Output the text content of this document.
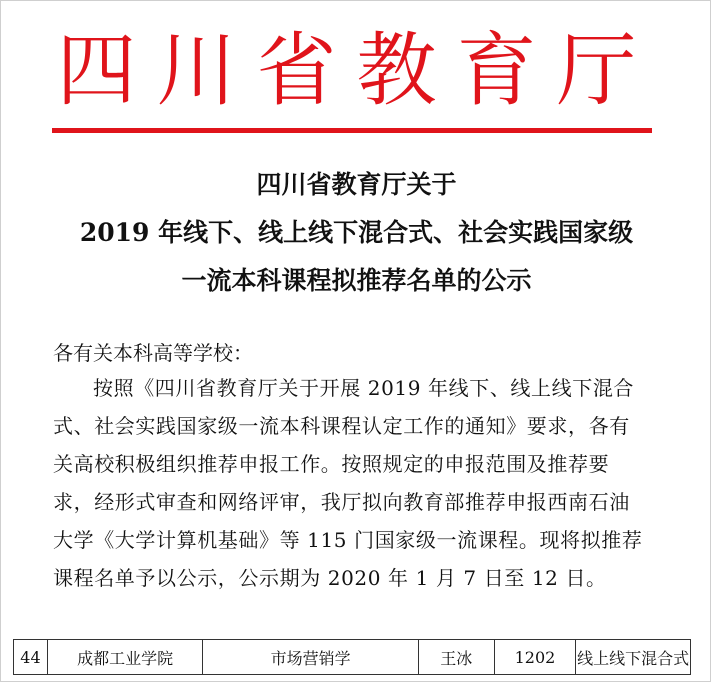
四川省教育厅
四川省教育厅关于
2019 年线下、线上线下混合式、社会实践国家级
一流本科课程拟推荐名单的公示
各有关本科高等学校：
按照《四川省教育厅关于开展 2019 年线下、线上线下混合
式、社会实践国家级一流本科课程认定工作的通知》要求，各有
关高校积极组织推荐申报工作。按照规定的申报范围及推荐要
求，经形式审查和网络评审，我厅拟向教育部推荐申报西南石油
大学《大学计算机基础》等 115 门国家级一流课程。现将拟推荐
课程名单予以公示，公示期为 2020 年 1 月 7 日至 12 日。
44	成都工业学院	市场营销学	王冰	1202	线上线下混合式
